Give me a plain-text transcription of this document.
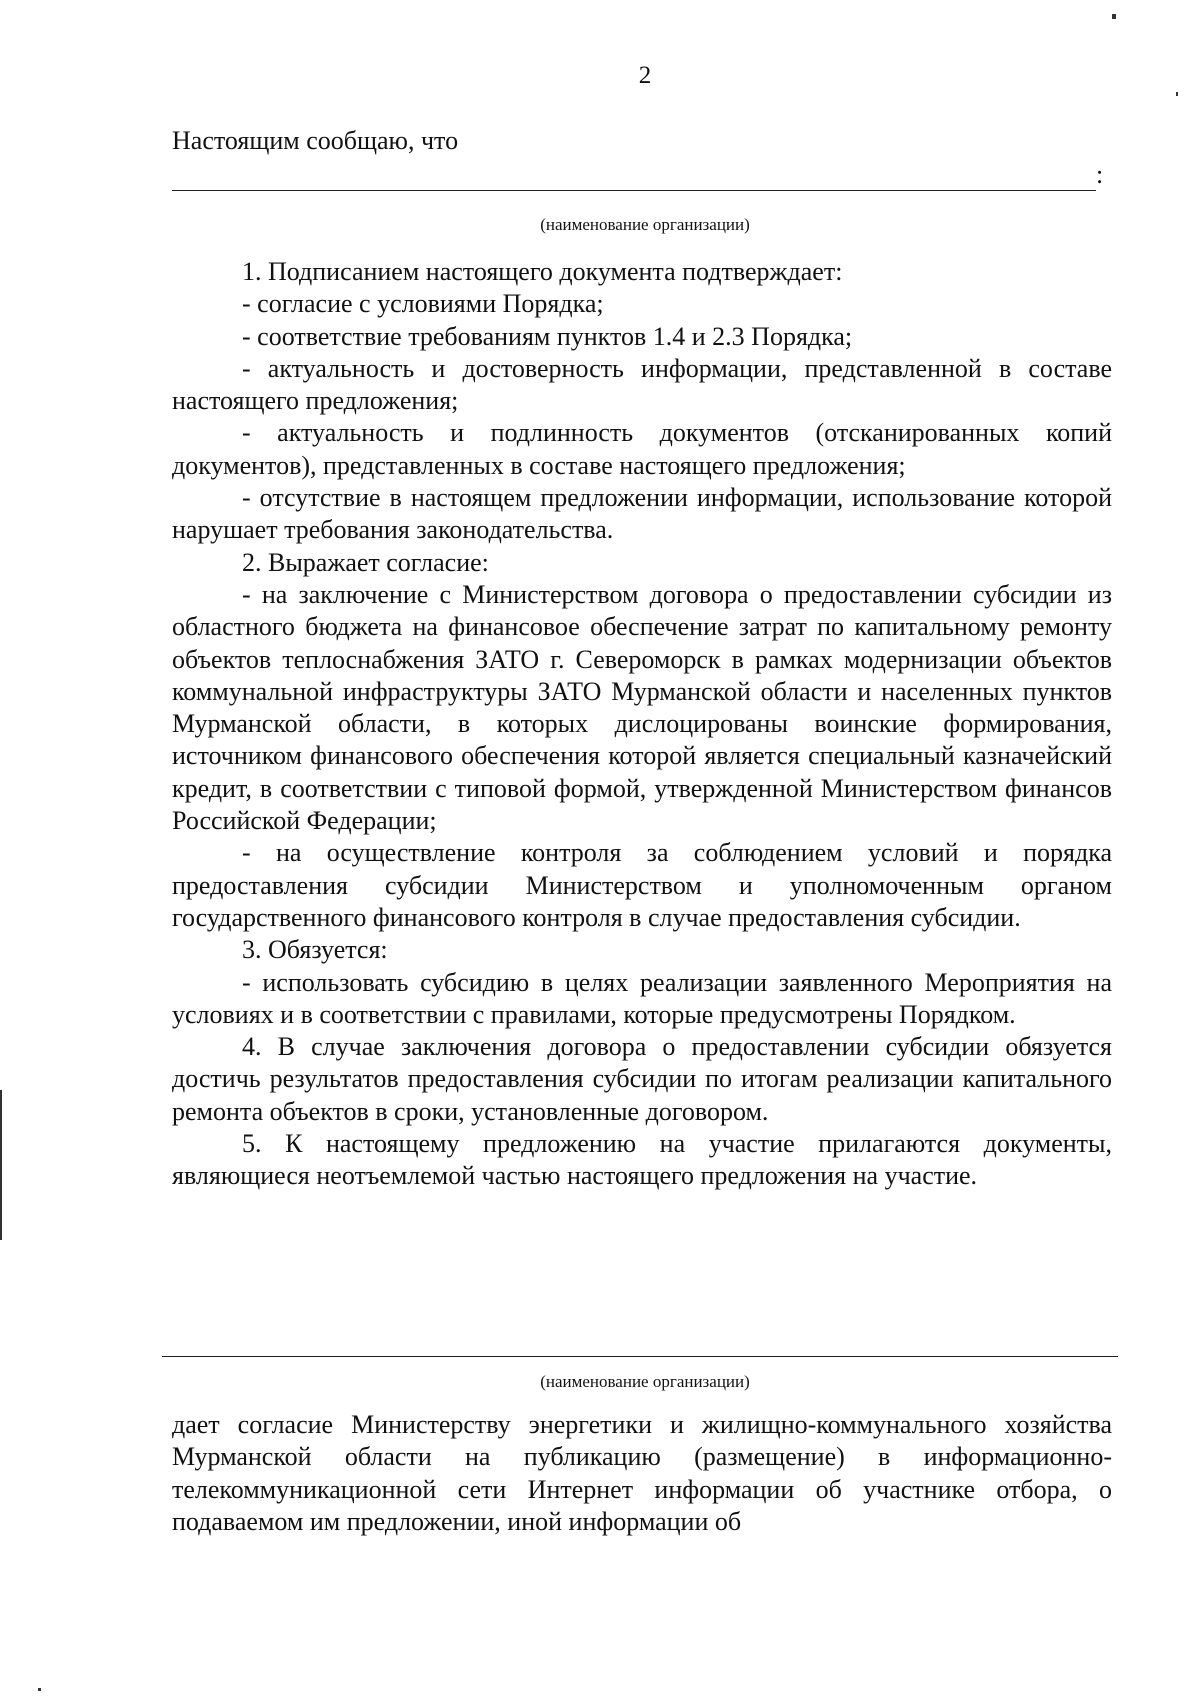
2
Настоящим сообщаю, что
:
(наименование организации)

1. Подписанием настоящего документа подтверждает:

- согласие с условиями Порядка;

- соответствие требованиям пунктов 1.4 и 2.3 Порядка;

- актуальность и достоверность информации, представленной в составе настоящего предложения;

- актуальность и подлинность документов (отсканированных копий документов), представленных в составе настоящего предложения;

- отсутствие в настоящем предложении информации, использование которой нарушает требования законодательства.

2. Выражает согласие:

- на заключение с Министерством договора о предоставлении субсидии из областного бюджета на финансовое обеспечение затрат по капитальному ремонту объектов теплоснабжения ЗАТО г. Североморск в рамках модернизации объектов коммунальной инфраструктуры ЗАТО Мурманской области и населенных пунктов Мурманской области, в которых дислоцированы воинские формирования, источником финансового обеспечения которой является специальный казначейский кредит, в соответствии с типовой формой, утвержденной Министерством финансов Российской Федерации;

- на осуществление контроля за соблюдением условий и порядка предоставления субсидии Министерством и уполномоченным органом государственного финансового контроля в случае предоставления субсидии.

3. Обязуется:

- использовать субсидию в целях реализации заявленного Мероприятия на условиях и в соответствии с правилами, которые предусмотрены Порядком.

4. В случае заключения договора о предоставлении субсидии обязуется достичь результатов предоставления субсидии по итогам реализации капитального ремонта объектов в сроки, установленные договором.

5. К настоящему предложению на участие прилагаются документы, являющиеся неотъемлемой частью настоящего предложения на участие.

(наименование организации)

дает согласие Министерству энергетики и жилищно-коммунального хозяйства Мурманской области на публикацию (размещение) в информационно-телекоммуникационной сети Интернет информации об участнике отбора, о подаваемом им предложении, иной информации об
